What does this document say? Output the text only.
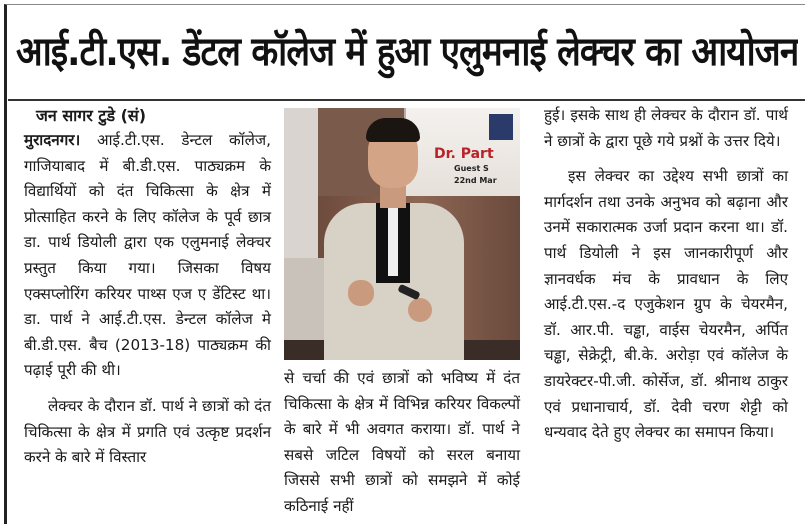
आई.टी.एस. डेंटल कॉलेज में हुआ एलुमनाई लेक्चर का आयोजन

जन सागर टुडे (सं)

मुरादनगर। आई.टी.एस. डेन्टल कॉलेज, गाजियाबाद में बी.डी.एस. पाठ्यक्रम के विद्यार्थियों को दंत चिकित्सा के क्षेत्र में प्रोत्साहित करने के लिए कॉलेज के पूर्व छात्र डा. पार्थ डियोली द्वारा एक एलुमनाई लेक्चर प्रस्तुत किया गया। जिसका विषय एक्सप्लोरिंग करियर पाथ्स एज ए डेंटिस्ट था। डा. पार्थ ने आई.टी.एस. डेन्टल कॉलेज मे बी.डी.एस. बैच (2013-18) पाठ्यक्रम की पढ़ाई पूरी की थी।

लेक्चर के दौरान डॉ. पार्थ ने छात्रों को दंत चिकित्सा के क्षेत्र में प्रगति एवं उत्कृष्ट प्रदर्शन करने के बारे में विस्तार

Dr. Part
Guest S
22nd Mar

से चर्चा की एवं छात्रों को भविष्य में दंत चिकित्सा के क्षेत्र में विभिन्न करियर विकल्पों के बारे में भी अवगत कराया। डॉ. पार्थ ने सबसे जटिल विषयों को सरल बनाया जिससे सभी छात्रों को समझने में कोई कठिनाई नहीं

हुई। इसके साथ ही लेक्चर के दौरान डॉ. पार्थ ने छात्रों के द्वारा पूछे गये प्रश्नों के उत्तर दिये।

इस लेक्चर का उद्देश्य सभी छात्रों का मार्गदर्शन तथा उनके अनुभव को बढ़ाना और उनमें सकारात्मक उर्जा प्रदान करना था। डॉ. पार्थ डियोली ने इस जानकारीपूर्ण और ज्ञानवर्धक मंच के प्रावधान के लिए आई.टी.एस.-द एजुकेशन ग्रुप के चेयरमैन, डॉ. आर.पी. चड्ढा, वाईस चेयरमैन, अर्पित चड्ढा, सेक्रेट्री, बी.के. अरोड़ा एवं कॉलेज के डायरेक्टर-पी.जी. कोर्सेज, डॉ. श्रीनाथ ठाकुर एवं प्रधानाचार्य, डॉ. देवी चरण शेट्टी को धन्यवाद देते हुए लेक्चर का समापन किया।
